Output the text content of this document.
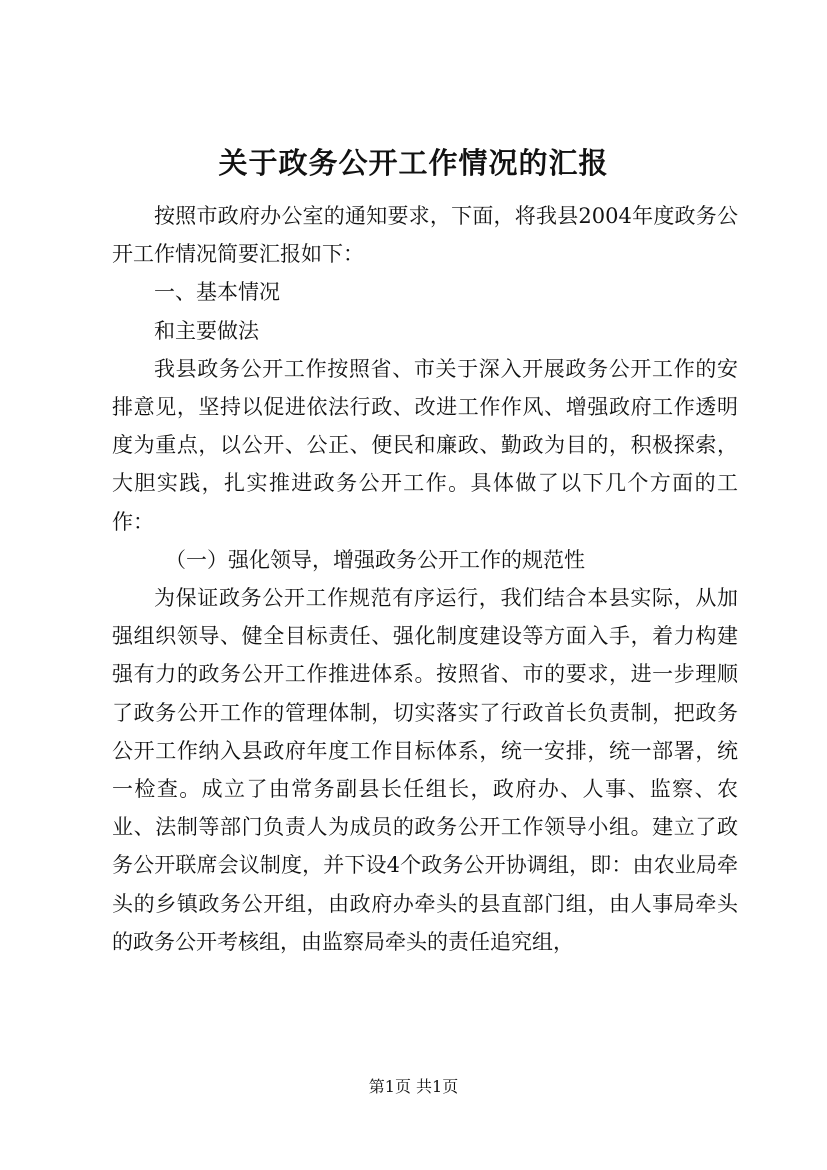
关于政务公开工作情况的汇报

按照市政府办公室的通知要求，下面，将我县2004年度政务公开工作情况简要汇报如下：

一、基本情况

和主要做法

我县政务公开工作按照省、市关于深入开展政务公开工作的安排意见，坚持以促进依法行政、改进工作作风、增强政府工作透明度为重点，以公开、公正、便民和廉政、勤政为目的，积极探索，大胆实践，扎实推进政务公开工作。具体做了以下几个方面的工作：

（一）强化领导，增强政务公开工作的规范性

为保证政务公开工作规范有序运行，我们结合本县实际，从加强组织领导、健全目标责任、强化制度建设等方面入手，着力构建强有力的政务公开工作推进体系。按照省、市的要求，进一步理顺了政务公开工作的管理体制，切实落实了行政首长负责制，把政务公开工作纳入县政府年度工作目标体系，统一安排，统一部署，统一检查。成立了由常务副县长任组长，政府办、人事、监察、农业、法制等部门负责人为成员的政务公开工作领导小组。建立了政务公开联席会议制度，并下设4个政务公开协调组，即：由农业局牵头的乡镇政务公开组，由政府办牵头的县直部门组，由人事局牵头的政务公开考核组，由监察局牵头的责任追究组，

第1页 共1页
